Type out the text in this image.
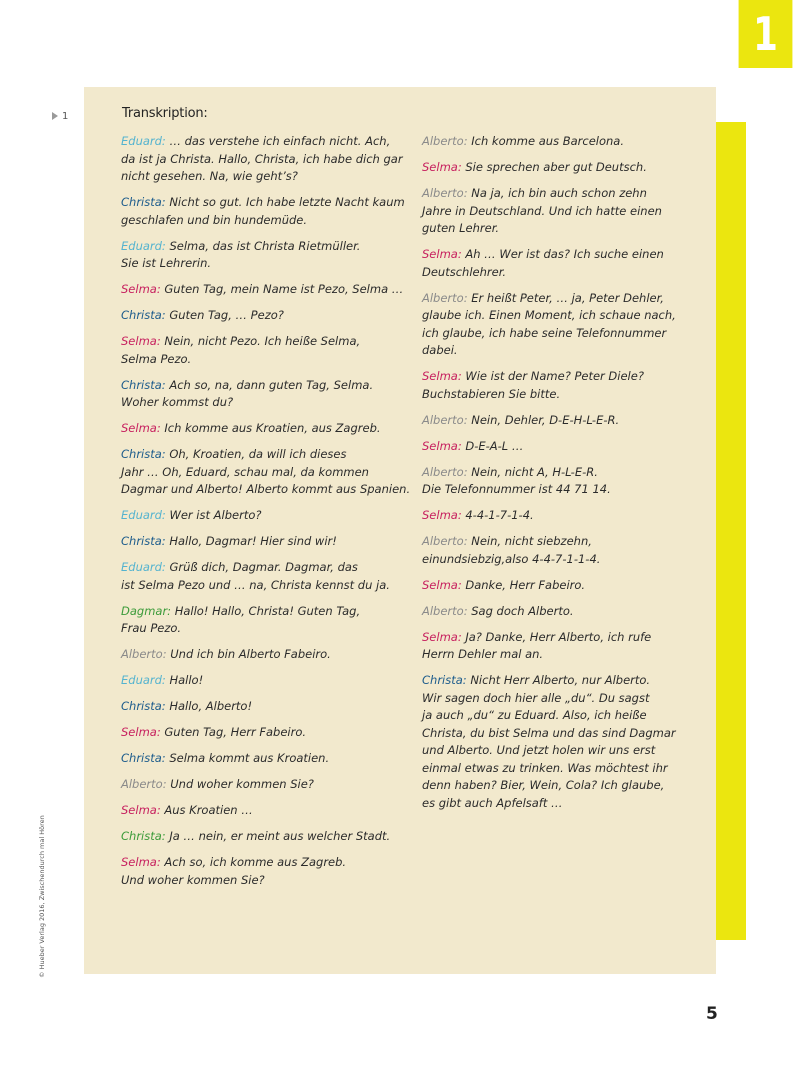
1
1	Transkription:
Eduard: … das verstehe ich einfach nicht. Ach,
da ist ja Christa. Hallo, Christa, ich habe dich gar
nicht gesehen. Na, wie geht’s?
Christa: Nicht so gut. Ich habe letzte Nacht kaum
geschlafen und bin hundemüde.
Eduard: Selma, das ist Christa Rietmüller.
Sie ist Lehrerin.
Selma: Guten Tag, mein Name ist Pezo, Selma …
Christa: Guten Tag, … Pezo?
Selma: Nein, nicht Pezo. Ich heiße Selma,
Selma Pezo.
Christa: Ach so, na, dann guten Tag, Selma.
Woher kommst du?
Selma: Ich komme aus Kroatien, aus Zagreb.
Christa: Oh, Kroatien, da will ich dieses
Jahr … Oh, Eduard, schau mal, da kommen
Dagmar und Alberto! Alberto kommt aus Spanien.
Eduard: Wer ist Alberto?
Christa: Hallo, Dagmar! Hier sind wir!
Eduard: Grüß dich, Dagmar. Dagmar, das
ist Selma Pezo und … na, Christa kennst du ja.
Dagmar: Hallo! Hallo, Christa! Guten Tag,
Frau Pezo.
Alberto: Und ich bin Alberto Fabeiro.
Eduard: Hallo!
Christa: Hallo, Alberto!
Selma: Guten Tag, Herr Fabeiro.
Christa: Selma kommt aus Kroatien.
Alberto: Und woher kommen Sie?
Selma: Aus Kroatien …
Christa: Ja … nein, er meint aus welcher Stadt.
Selma: Ach so, ich komme aus Zagreb.
Und woher kommen Sie?
Alberto: Ich komme aus Barcelona.
Selma: Sie sprechen aber gut Deutsch.
Alberto: Na ja, ich bin auch schon zehn
Jahre in Deutschland. Und ich hatte einen
guten Lehrer.
Selma: Ah … Wer ist das? Ich suche einen
Deutschlehrer.
Alberto: Er heißt Peter, … ja, Peter Dehler,
glaube ich. Einen Moment, ich schaue nach,
ich glaube, ich habe seine Telefonnummer
dabei.
Selma: Wie ist der Name? Peter Diele?
Buchstabieren Sie bitte.
Alberto: Nein, Dehler, D-E-H-L-E-R.
Selma: D-E-A-L …
Alberto: Nein, nicht A, H-L-E-R.
Die Telefonnummer ist 44 71 14.
Selma: 4-4-1-7-1-4.
Alberto: Nein, nicht siebzehn,
einundsiebzig,also 4-4-7-1-1-4.
Selma: Danke, Herr Fabeiro.
Alberto: Sag doch Alberto.
Selma: Ja? Danke, Herr Alberto, ich rufe
Herrn Dehler mal an.
Christa: Nicht Herr Alberto, nur Alberto.
Wir sagen doch hier alle „du“. Du sagst
ja auch „du“ zu Eduard. Also, ich heiße
Christa, du bist Selma und das sind Dagmar
und Alberto. Und jetzt holen wir uns erst
einmal etwas zu trinken. Was möchtest ihr
denn haben? Bier, Wein, Cola? Ich glaube,
es gibt auch Apfelsaft …
© Hueber Verlag 2016, Zwischendurch mal Hören
5
